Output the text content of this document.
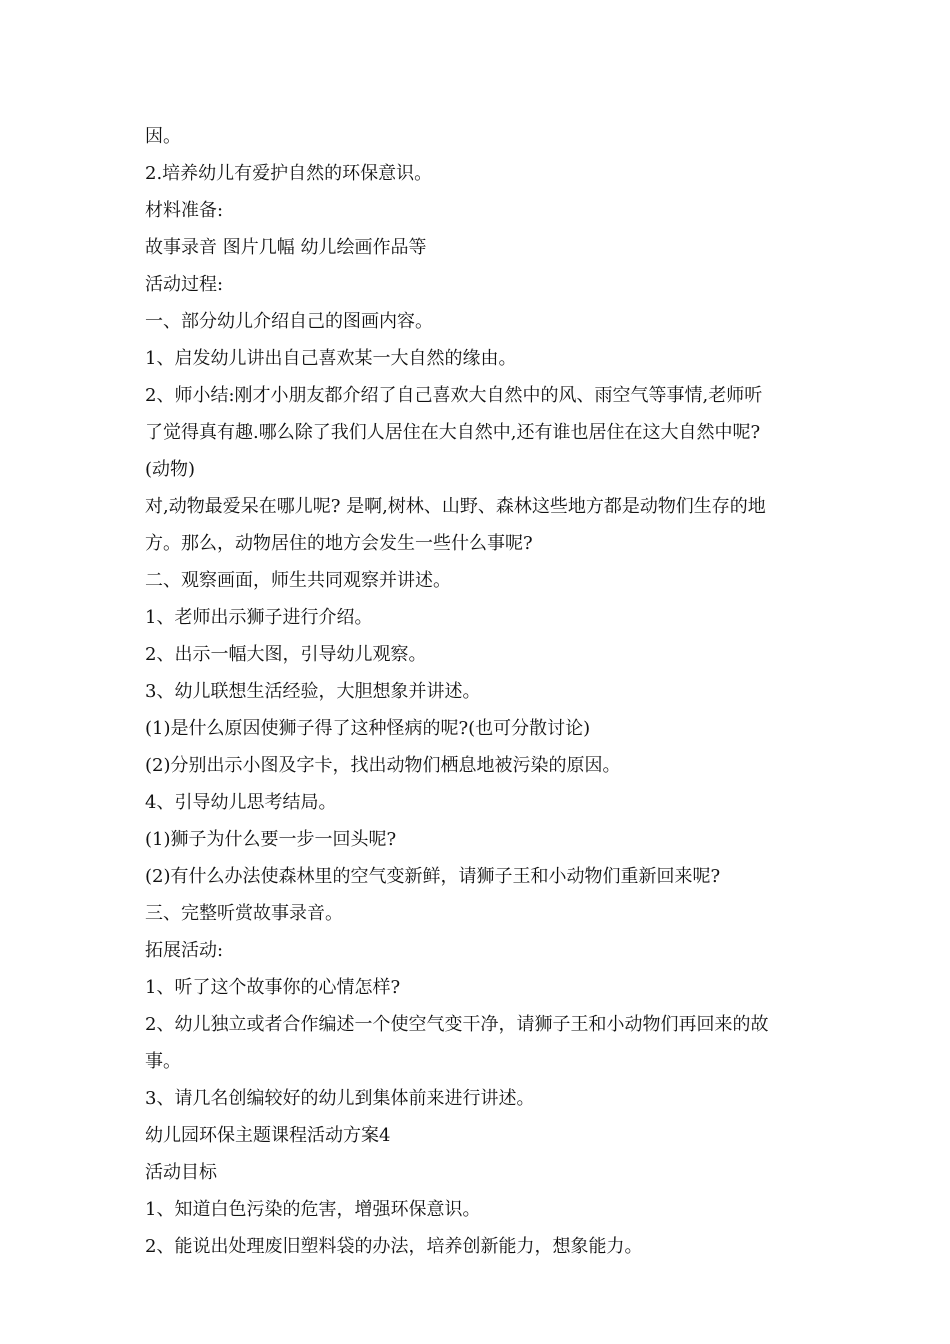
因。
2.培养幼儿有爱护自然的环保意识。
材料准备:
故事录音 图片几幅 幼儿绘画作品等
活动过程:
一、部分幼儿介绍自己的图画内容。
1、启发幼儿讲出自己喜欢某一大自然的缘由。
2、师小结:刚才小朋友都介绍了自己喜欢大自然中的风、雨空气等事情,老师听
了觉得真有趣.哪么除了我们人居住在大自然中,还有谁也居住在这大自然中呢?
(动物)
对,动物最爱呆在哪儿呢? 是啊,树林、山野、森林这些地方都是动物们生存的地
方。那么，动物居住的地方会发生一些什么事呢?
二、观察画面，师生共同观察并讲述。
1、老师出示狮子进行介绍。
2、出示一幅大图，引导幼儿观察。
3、幼儿联想生活经验，大胆想象并讲述。
(1)是什么原因使狮子得了这种怪病的呢?(也可分散讨论)
(2)分别出示小图及字卡，找出动物们栖息地被污染的原因。
4、引导幼儿思考结局。
(1)狮子为什么要一步一回头呢?
(2)有什么办法使森林里的空气变新鲜，请狮子王和小动物们重新回来呢?
三、完整听赏故事录音。
拓展活动:
1、听了这个故事你的心情怎样?
2、幼儿独立或者合作编述一个使空气变干净，请狮子王和小动物们再回来的故
事。
3、请几名创编较好的幼儿到集体前来进行讲述。
幼儿园环保主题课程活动方案4
活动目标
1、知道白色污染的危害，增强环保意识。
2、能说出处理废旧塑料袋的办法，培养创新能力，想象能力。
